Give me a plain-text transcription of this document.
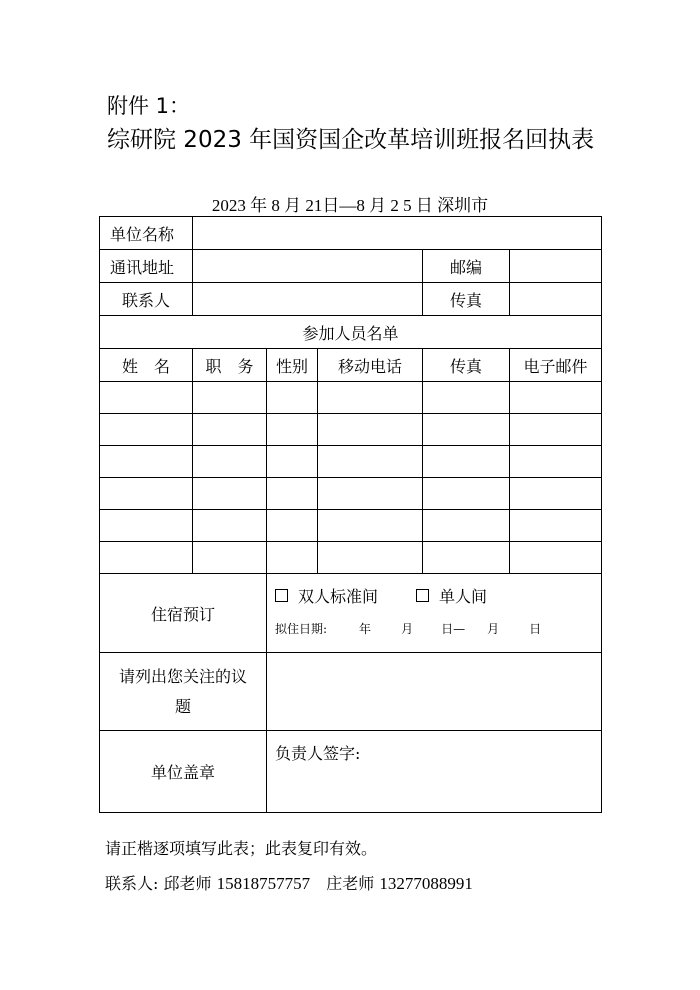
附件 1：
综研院 2023 年国资国企改革培训班报名回执表
2023 年 8 月 21日—8 月 2 5 日 深圳市
单位名称					
通讯地址				邮编	
联系人				传真	
参加人员名单					
姓　名	职　务	性别	移动电话	传真	电子邮件

住宿预订		双人标准间 单人间
拟住日期: 年 月 日— 月 日			

请列出您关注的议
题					

单位盖章		负责人签字:			
请正楷逐项填写此表；此表复印有效。
联系人: 邱老师 15818757757 庄老师 13277088991
